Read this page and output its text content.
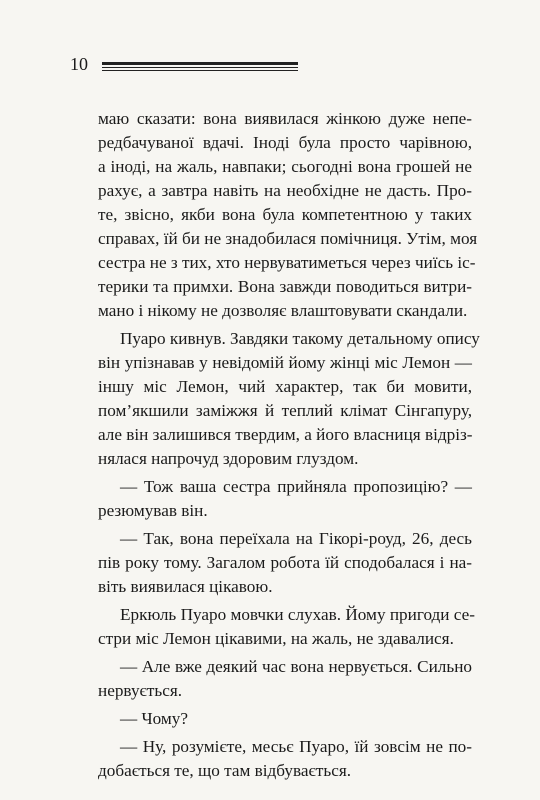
10
маю сказати: вона виявилася жінкою дуже непе-
редбачуваної вдачі. Іноді була просто чарівною,
а іноді, на жаль, навпаки; сьогодні вона грошей не
рахує, а завтра навіть на необхідне не дасть. Про-
те, звісно, якби вона була компетентною у таких
справах, їй би не знадобилася помічниця. Утім, моя
сестра не з тих, хто нервуватиметься через чиїсь іс-
терики та примхи. Вона завжди поводиться витри-
мано і нікому не дозволяє влаштовувати скандали.
Пуаро кивнув. Завдяки такому детальному опису
він упізнавав у невідомій йому жінці міс Лемон —
іншу міс Лемон, чий характер, так би мовити,
пом’якшили заміжжя й теплий клімат Сінгапуру,
але він залишився твердим, а його власниця відріз-
нялася напрочуд здоровим глуздом.
— Тож ваша сестра прийняла пропозицію? —
резюмував він.
— Так, вона переїхала на Гікорі-роуд, 26, десь
пів року тому. Загалом робота їй сподобалася і на-
віть виявилася цікавою.
Еркюль Пуаро мовчки слухав. Йому пригоди се-
стри міс Лемон цікавими, на жаль, не здавалися.
— Але вже деякий час вона нервується. Сильно
нервується.
— Чому?
— Ну, розумієте, месьє Пуаро, їй зовсім не по-
добається те, що там відбувається.
